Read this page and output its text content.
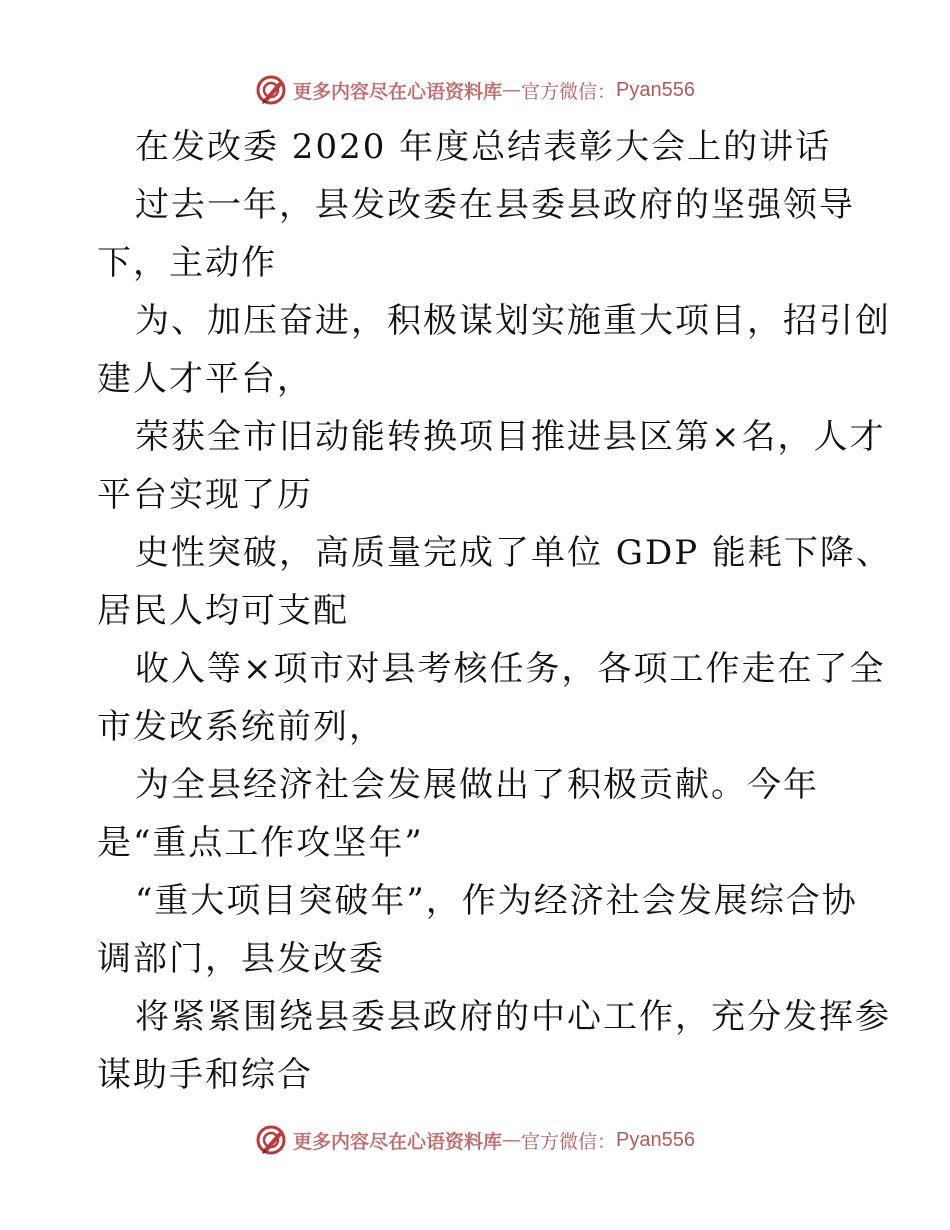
更多内容尽在心语资料库 — 官方微信： Pyan556
在发改委 2020 年度总结表彰大会上的讲话
过去一年，县发改委在县委县政府的坚强领导
下，主动作
为、加压奋进，积极谋划实施重大项目，招引创
建人才平台，
荣获全市旧动能转换项目推进县区第×名，人才
平台实现了历
史性突破，高质量完成了单位 GDP 能耗下降、
居民人均可支配
收入等×项市对县考核任务，各项工作走在了全
市发改系统前列，
为全县经济社会发展做出了积极贡献。今年
是“重点工作攻坚年”
“重大项目突破年”，作为经济社会发展综合协
调部门，县发改委
将紧紧围绕县委县政府的中心工作，充分发挥参
谋助手和综合
更多内容尽在心语资料库 — 官方微信： Pyan556
